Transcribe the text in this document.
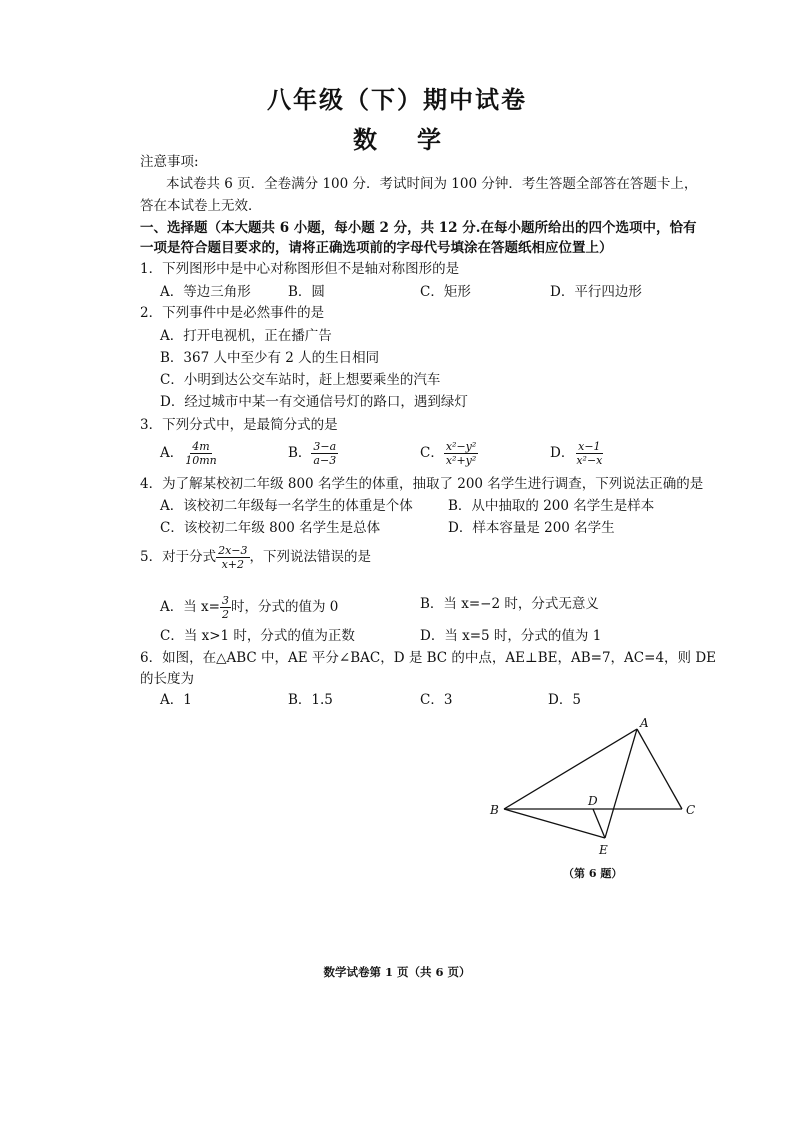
八年级（下）期中试卷
数 学
注意事项:
本试卷共 6 页．全卷满分 100 分．考试时间为 100 分钟．考生答题全部答在答题卡上，
答在本试卷上无效．
一、选择题（本大题共 6 小题，每小题 2 分，共 12 分.在每小题所给出的四个选项中，恰有
一项是符合题目要求的，请将正确选项前的字母代号填涂在答题纸相应位置上）
1．下列图形中是中心对称图形但不是轴对称图形的是
A．等边三角形	B．圆	C．矩形	D．平行四边形
2．下列事件中是必然事件的是
A．打开电视机，正在播广告
B．367 人中至少有 2 人的生日相同
C．小明到达公交车站时，赶上想要乘坐的汽车
D．经过城市中某一有交通信号灯的路口，遇到绿灯
3．下列分式中，是最简分式的是
A． $\frac{4m}{10mn}$	B． $\frac{3-a}{a-3}$	C． $\frac{\text{x²−y²}}{\text{x²+y²}}$	D． $\frac{x-1}{\text{x²−x}}$
4．为了解某校初二年级 800 名学生的体重，抽取了 200 名学生进行调查，下列说法正确的是
A．该校初二年级每一名学生的体重是个体	B．从中抽取的 200 名学生是样本
C．该校初二年级 800 名学生是总体	D．样本容量是 200 名学生
5．对于分式 $\frac{2x-3}{x+2}$ ，下列说法错误的是
A．当 $x= \frac{3}{2}$ 时，分式的值为 0	B．当 x=−2 时，分式无意义
C．当 x>1 时，分式的值为正数	D．当 x=5 时，分式的值为 1
6．如图，在△ABC 中，AE 平分∠BAC，D 是 BC 的中点，AE⊥BE，AB=7，AC=4，则 DE
的长度为
A．1	B．1.5	C．3	D．5
A
B	C
D
E
（第 6 题）
数学试卷第 1 页（共 6 页）
